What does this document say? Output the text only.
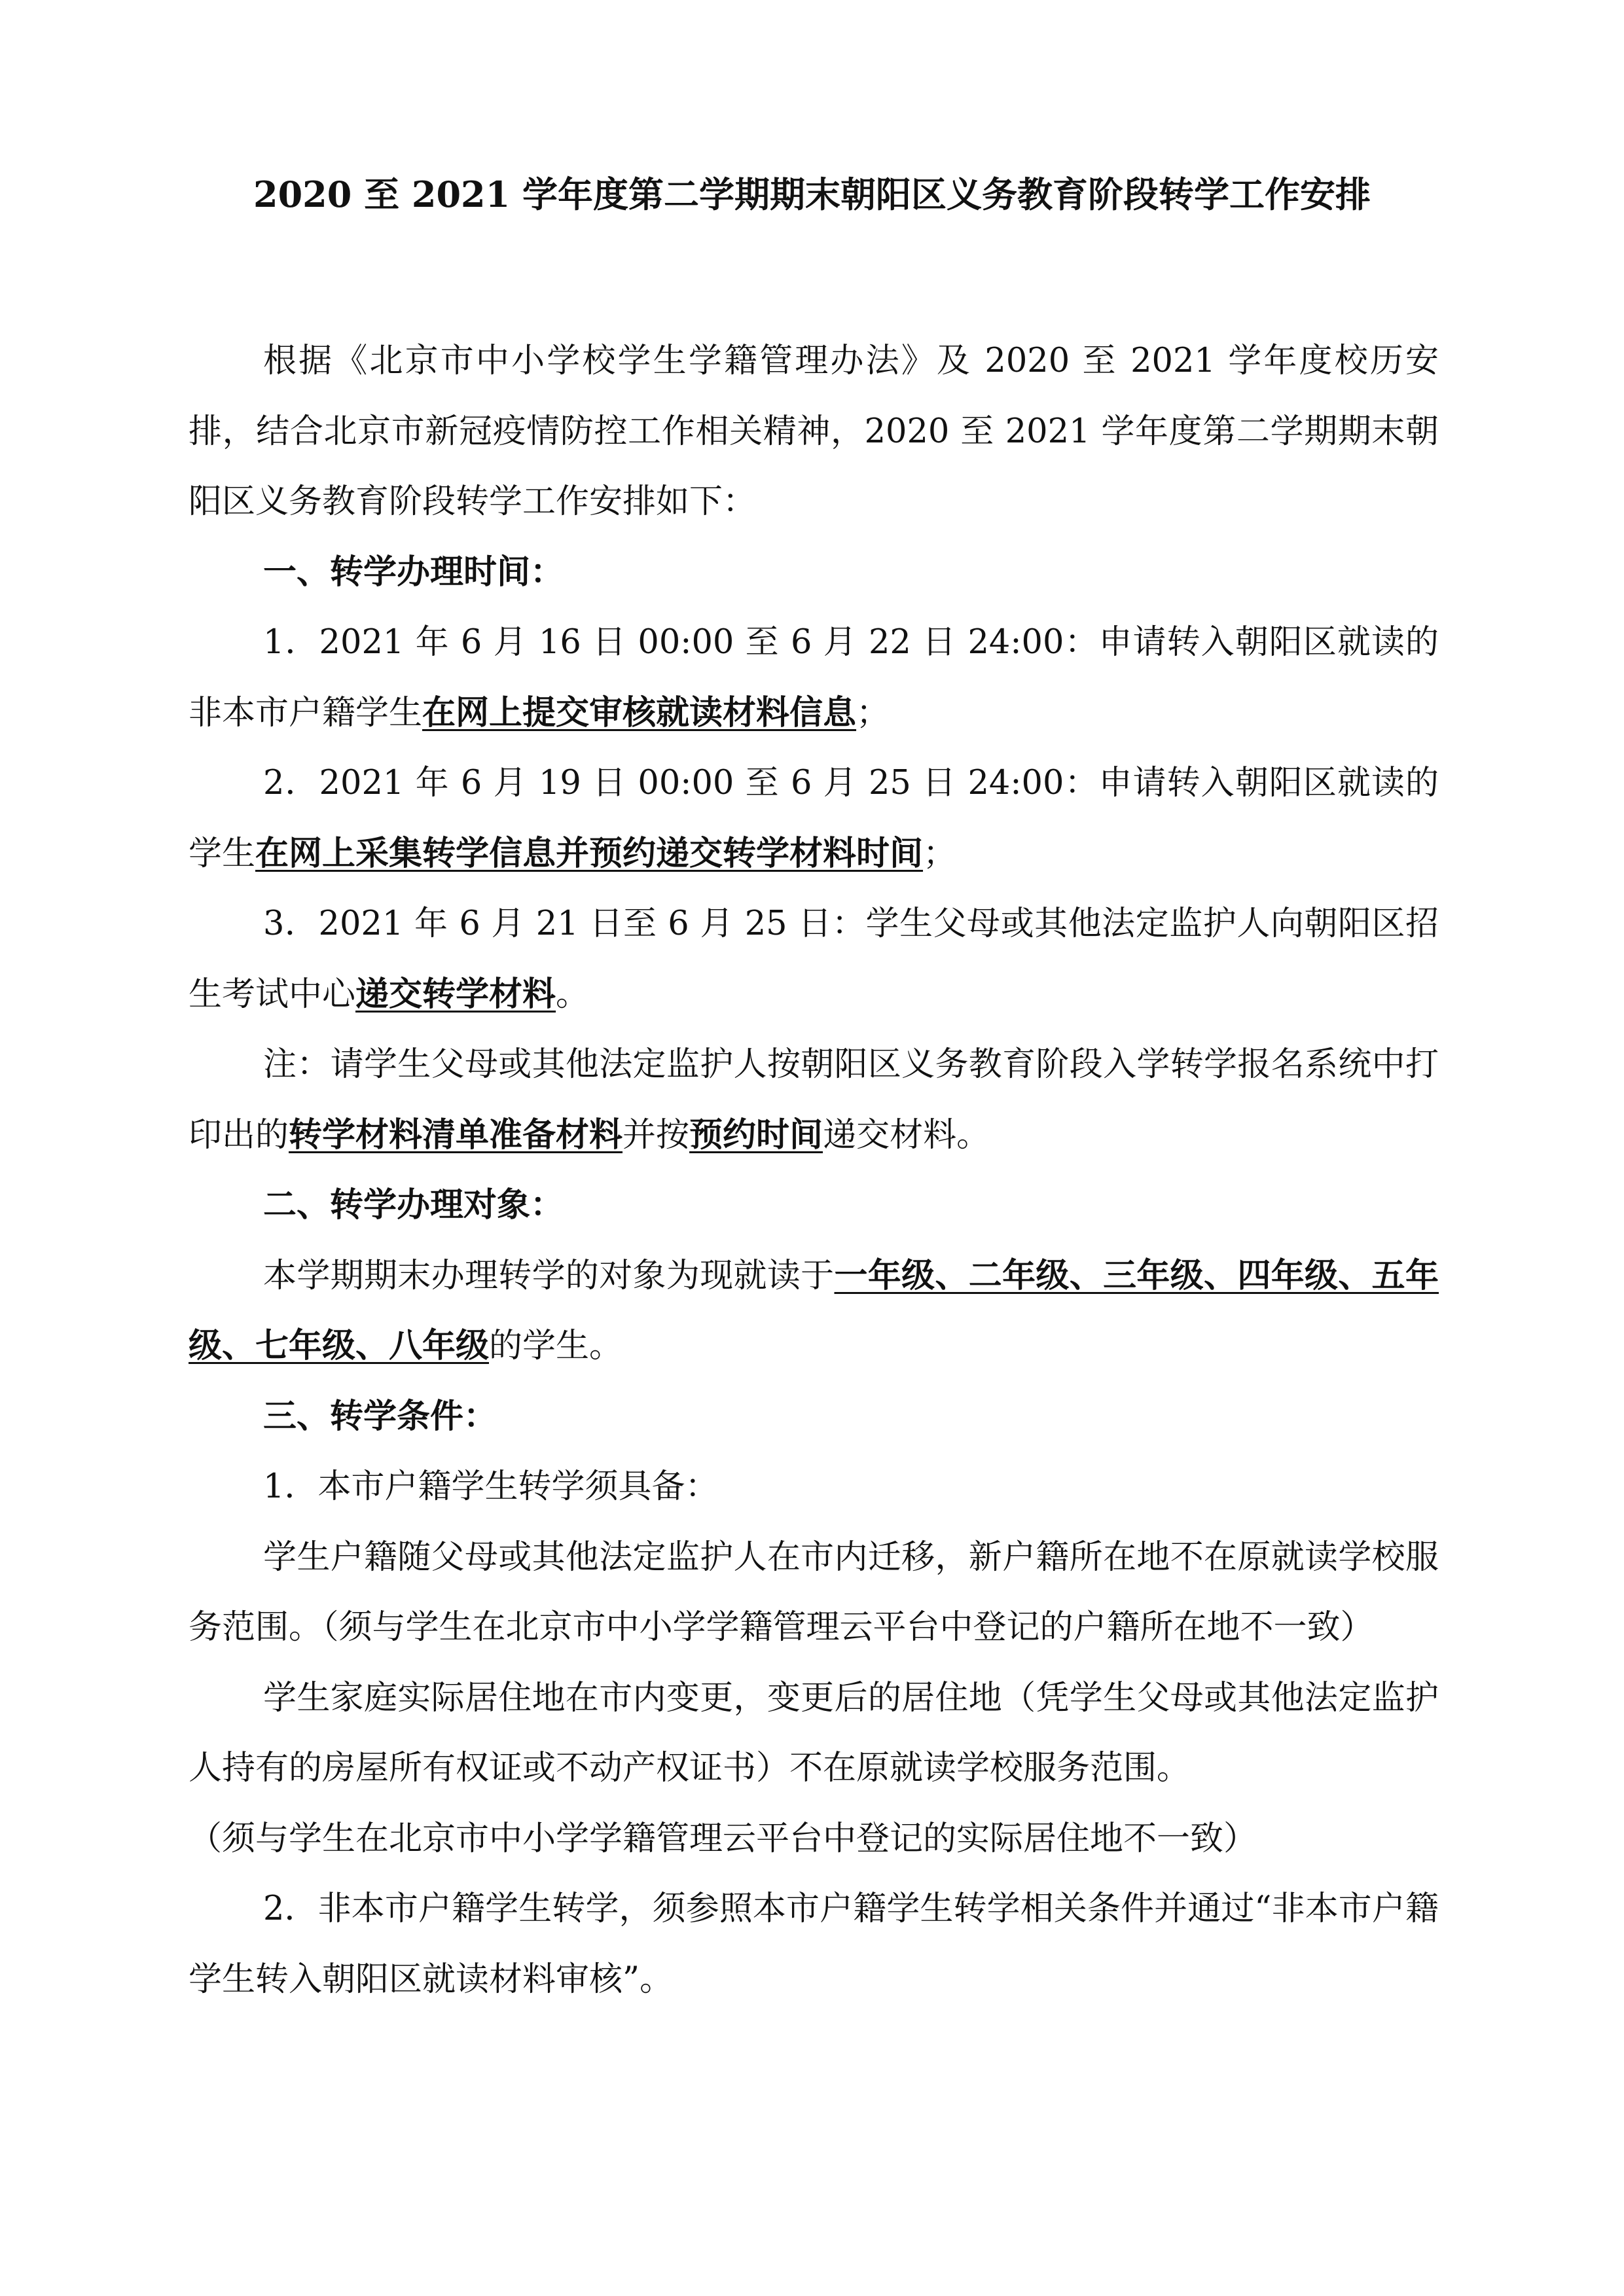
2020 至 2021 学年度第二学期期末朝阳区义务教育阶段转学工作安排

根据《北京市中小学校学生学籍管理办法》及 2020 至 2021 学年度校历安排，结合北京市新冠疫情防控工作相关精神，2020 至 2021 学年度第二学期期末朝阳区义务教育阶段转学工作安排如下：

一、转学办理时间：

1．2021 年 6 月 16 日 00:00 至 6 月 22 日 24:00：申请转入朝阳区就读的非本市户籍学生在网上提交审核就读材料信息；

2．2021 年 6 月 19 日 00:00 至 6 月 25 日 24:00：申请转入朝阳区就读的学生在网上采集转学信息并预约递交转学材料时间；

3．2021 年 6 月 21 日至 6 月 25 日：学生父母或其他法定监护人向朝阳区招生考试中心递交转学材料。

注：请学生父母或其他法定监护人按朝阳区义务教育阶段入学转学报名系统中打印出的转学材料清单准备材料并按预约时间递交材料。

二、转学办理对象：

本学期期末办理转学的对象为现就读于一年级、二年级、三年级、四年级、五年级、七年级、八年级的学生。

三、转学条件：

1．本市户籍学生转学须具备：

学生户籍随父母或其他法定监护人在市内迁移，新户籍所在地不在原就读学校服务范围。（须与学生在北京市中小学学籍管理云平台中登记的户籍所在地不一致）

学生家庭实际居住地在市内变更，变更后的居住地（凭学生父母或其他法定监护人持有的房屋所有权证或不动产权证书）不在原就读学校服务范围。

（须与学生在北京市中小学学籍管理云平台中登记的实际居住地不一致）

2．非本市户籍学生转学，须参照本市户籍学生转学相关条件并通过“非本市户籍学生转入朝阳区就读材料审核”。
